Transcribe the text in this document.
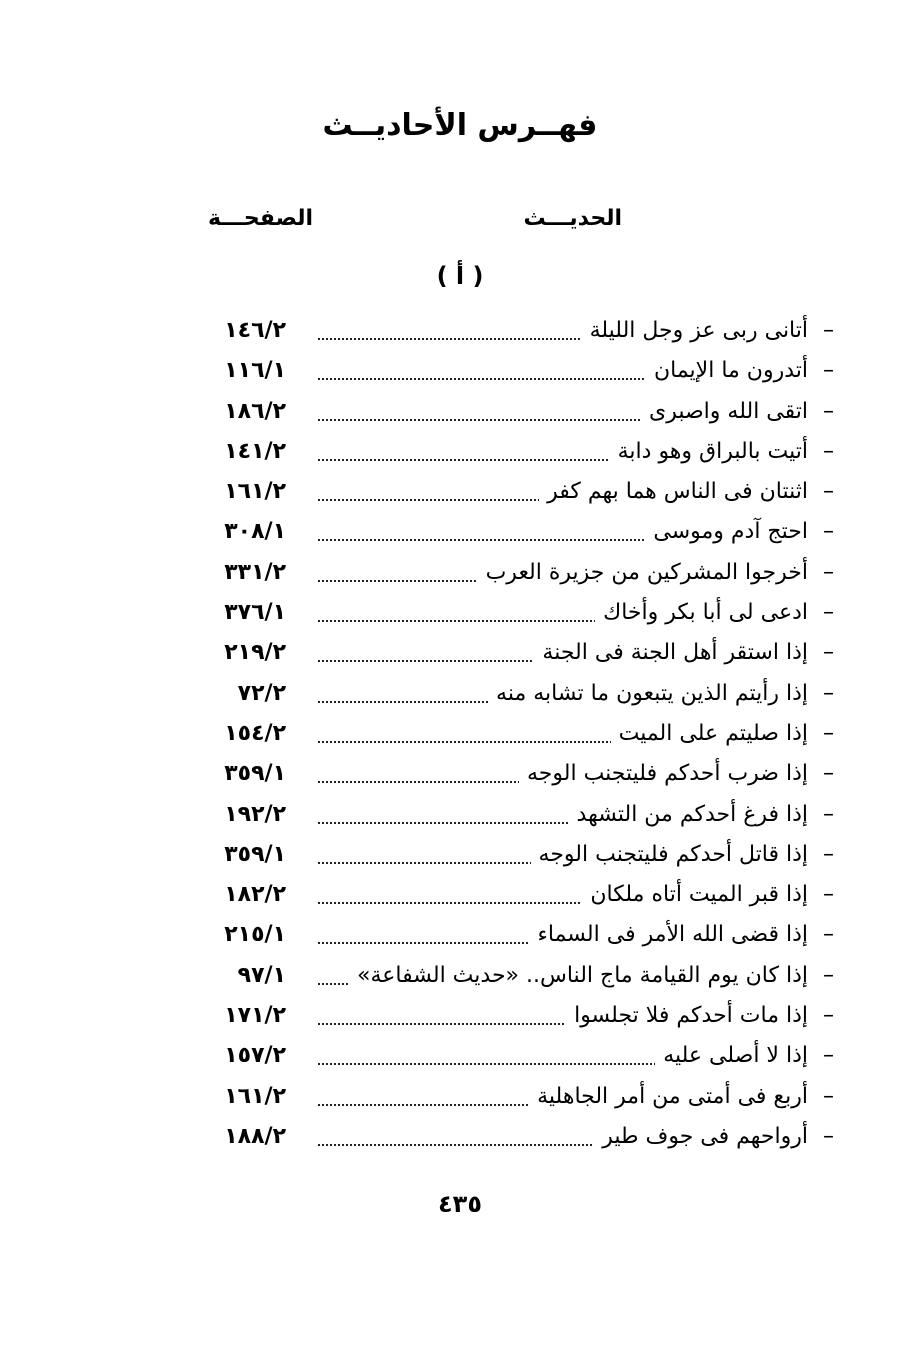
فهــرس الأحاديــث
الحديـــث
الصفحـــة
( أ )
–
أتانى ربى عز وجل الليلة
١٤٦/٢
–
أتدرون ما الإيمان
١١٦/١
–
اتقى الله واصبرى
١٨٦/٢
–
أتيت بالبراق وهو دابة
١٤١/٢
–
اثنتان فى الناس هما بهم كفر
١٦١/٢
–
احتج آدم وموسى
٣٠٨/١
–
أخرجوا المشركين من جزيرة العرب
٣٣١/٢
–
ادعى لى أبا بكر وأخاك
٣٧٦/١
–
إذا استقر أهل الجنة فى الجنة
٢١٩/٢
–
إذا رأيتم الذين يتبعون ما تشابه منه
٧٢/٢
–
إذا صليتم على الميت
١٥٤/٢
–
إذا ضرب أحدكم فليتجنب الوجه
٣٥٩/١
–
إذا فرغ أحدكم من التشهد
١٩٢/٢
–
إذا قاتل أحدكم فليتجنب الوجه
٣٥٩/١
–
إذا قبر الميت أتاه ملكان
١٨٢/٢
–
إذا قضى الله الأمر فى السماء
٢١٥/١
–
إذا كان يوم القيامة ماج الناس.. «حديث الشفاعة»
٩٧/١
–
إذا مات أحدكم فلا تجلسوا
١٧١/٢
–
إذا لا أصلى عليه
١٥٧/٢
–
أربع فى أمتى من أمر الجاهلية
١٦١/٢
–
أرواحهم فى جوف طير
١٨٨/٢
٤٣٥
